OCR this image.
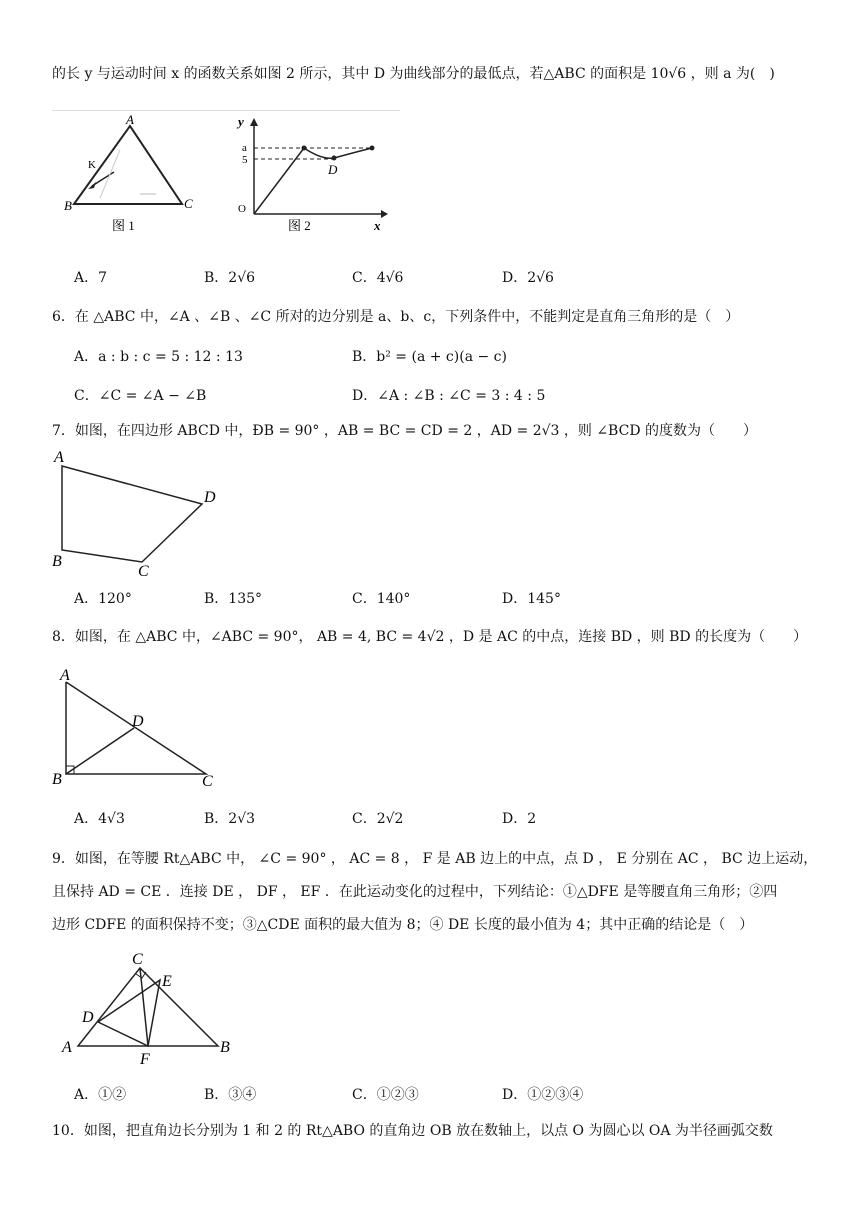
的长 y 与运动时间 x 的函数关系如图 2 所示，其中 D 为曲线部分的最低点，若△ABC 的面积是 10√6 ，则 a 为(　)
A
B	C
K
图 1
y
x
a
5
D
O
图 2
A．7	B．2√6	C．4√6	D．2√6
6．在 △ABC 中，∠A 、∠B 、∠C 所对的边分别是 a、b、c，下列条件中，不能判定是直角三角形的是（　）
A．a : b : c = 5 : 12 : 13	B．b² = (a + c)(a − c)
C．∠C = ∠A − ∠B	D．∠A : ∠B : ∠C = 3 : 4 : 5
7．如图，在四边形 ABCD 中，ÐB = 90° ，AB = BC = CD = 2 ，AD = 2√3 ，则 ∠BCD 的度数为（　　）
A
B
C
D
A．120°	B．135°	C．140°	D．145°
8．如图，在 △ABC 中，∠ABC = 90°， AB = 4, BC = 4√2 ，D 是 AC 的中点，连接 BD ，则 BD 的长度为（　　）
A
B	C
D
A．4√3	B．2√3	C．2√2	D．2
9．如图，在等腰 Rt△ABC 中， ∠C = 90° ， AC = 8 ， F 是 AB 边上的中点，点 D ， E 分别在 AC ， BC 边上运动，
且保持 AD = CE ．连接 DE ， DF ， EF ．在此运动变化的过程中，下列结论：①△DFE 是等腰直角三角形；②四
边形 CDFE 的面积保持不变；③△CDE 面积的最大值为 8；④ DE 长度的最小值为 4；其中正确的结论是（　）
C
E
D
A	B
F
A．①②	B．③④	C．①②③	D．①②③④
10．如图，把直角边长分别为 1 和 2 的 Rt△ABO 的直角边 OB 放在数轴上，以点 O 为圆心以 OA 为半径画弧交数
